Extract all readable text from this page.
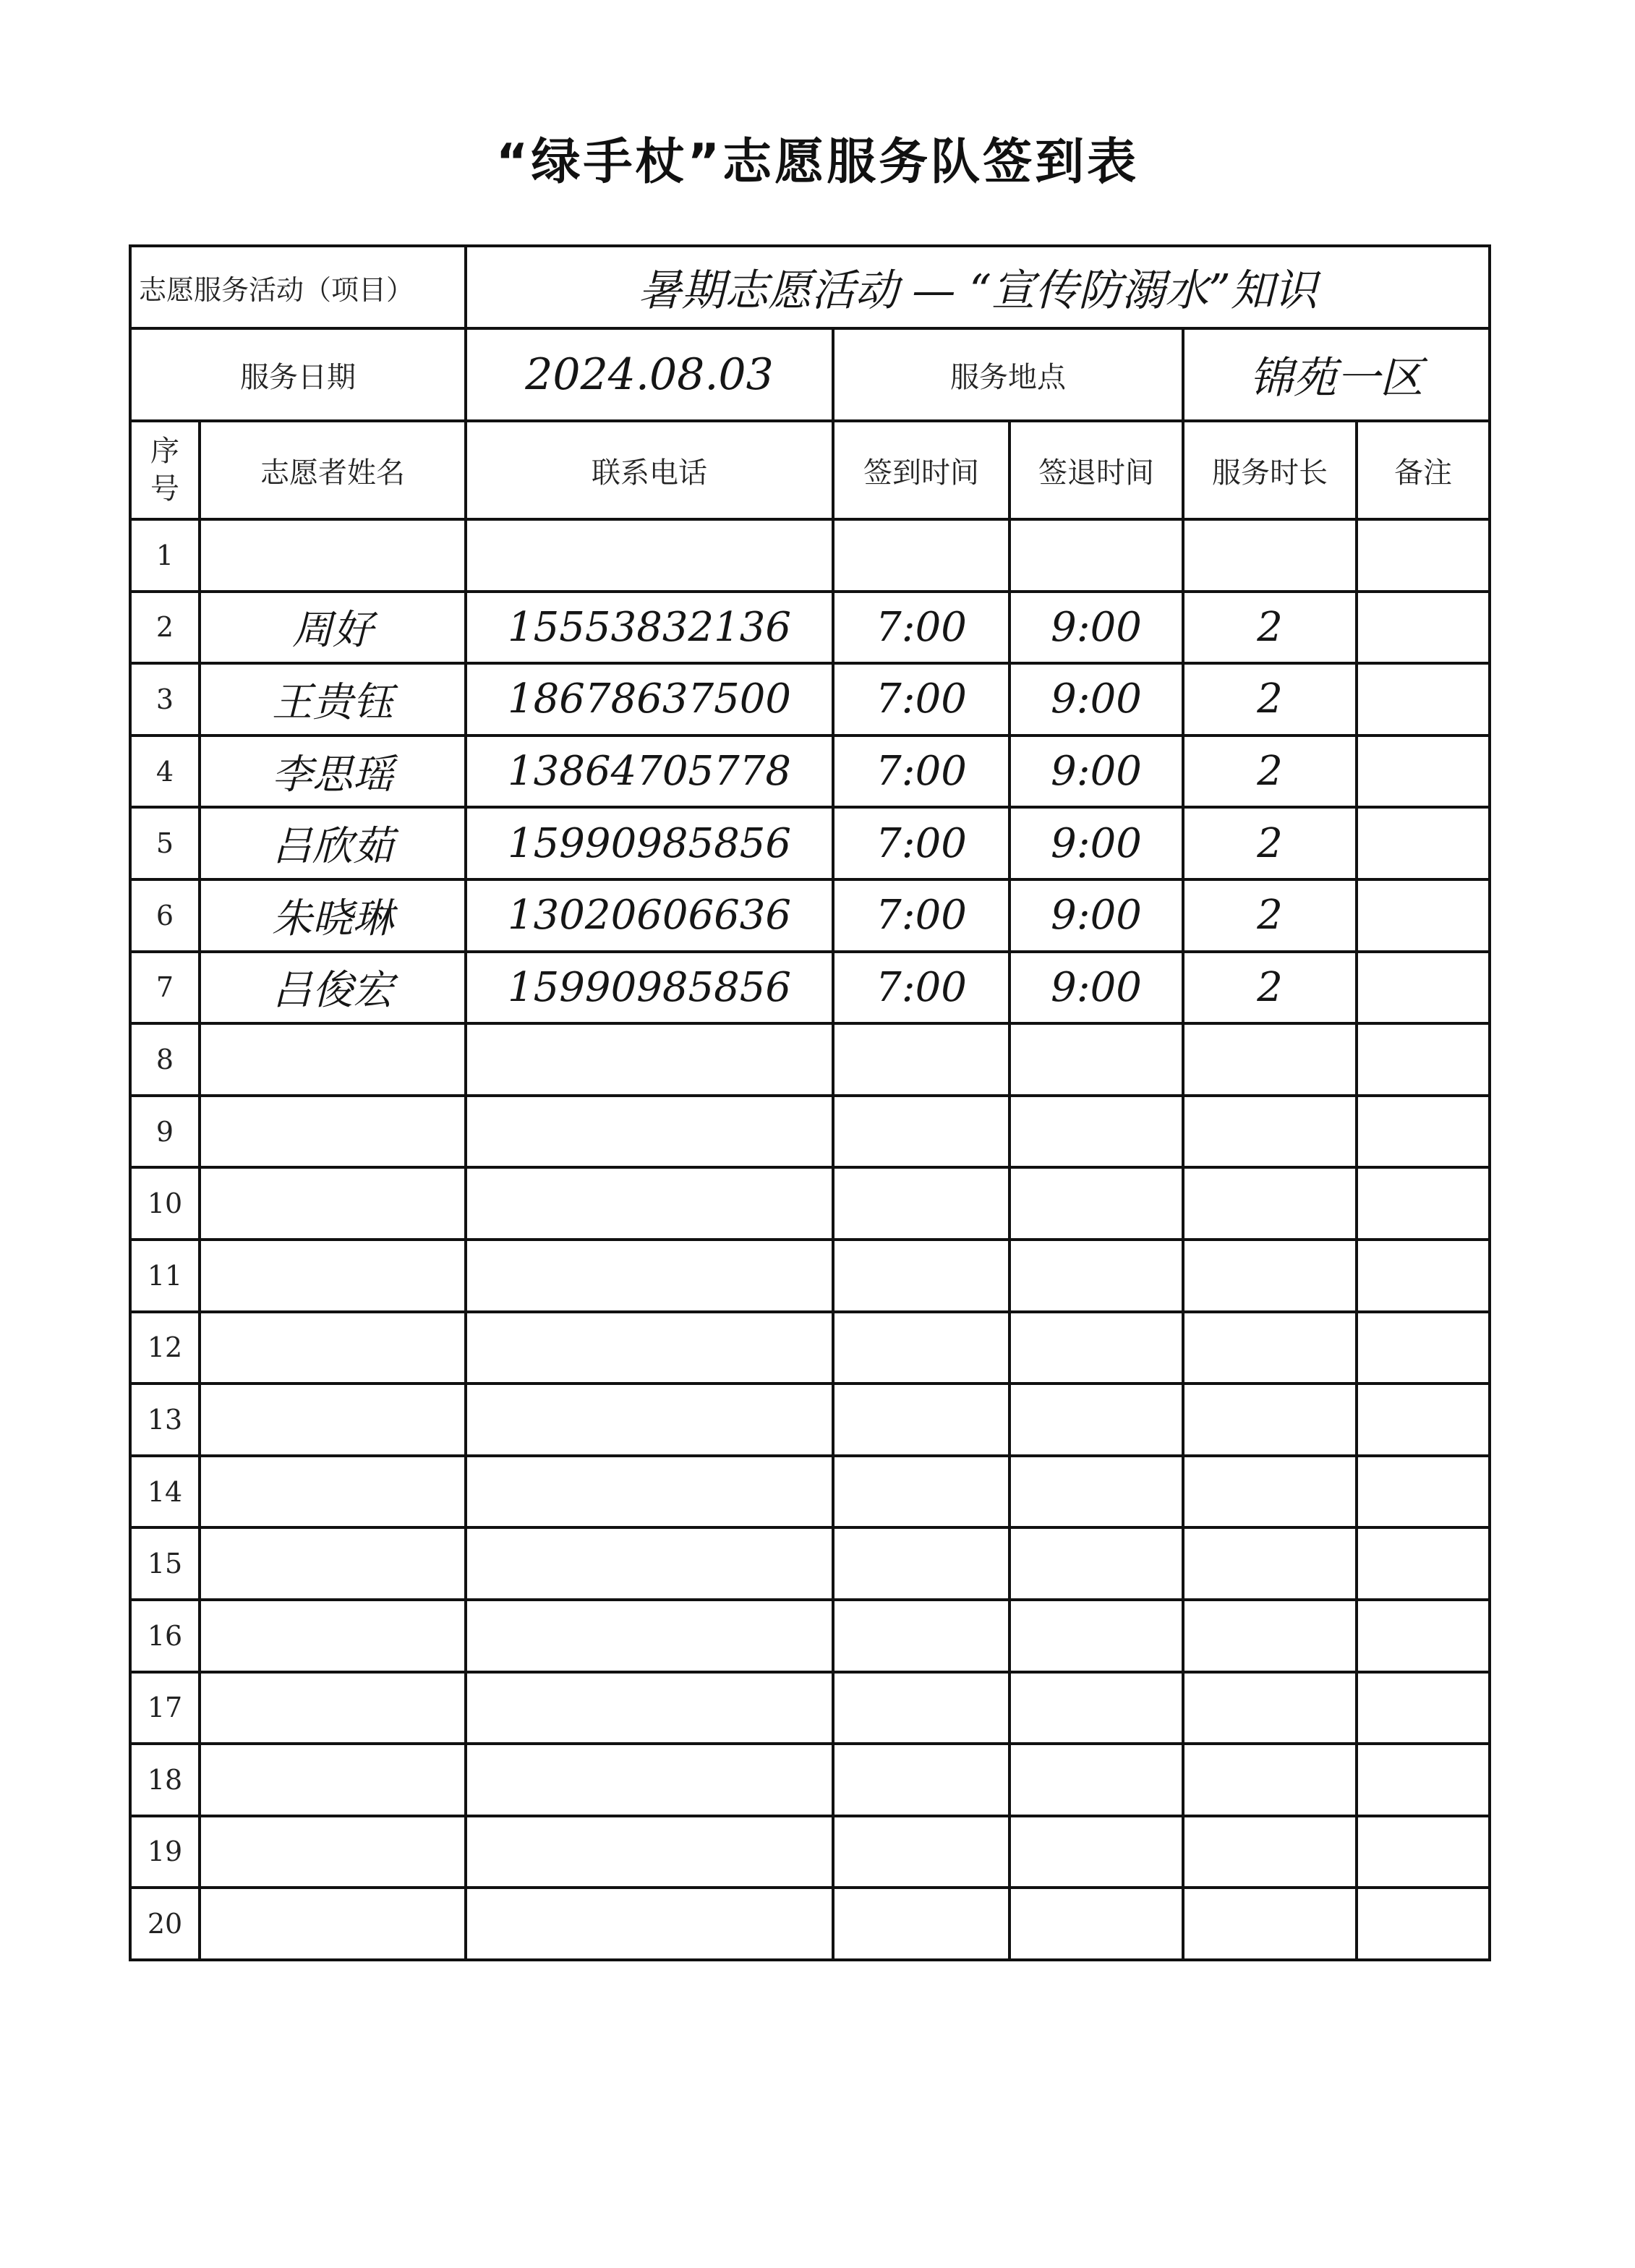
“绿手杖”志愿服务队签到表
志愿服务活动（项目）		暑期志愿活动 — “宣传防溺水”知识				
服务日期		2024.08.03	服务地点		锦苑一区	

序
号	志愿者姓名	联系电话	签到时间	签退时间	服务时长	备注
1						
2	周好	15553832136	7:00	9:00	2	
3	王贵钰	18678637500	7:00	9:00	2	
4	李思瑶	13864705778	7:00	9:00	2	
5	吕欣茹	15990985856	7:00	9:00	2	
6	朱晓琳	13020606636	7:00	9:00	2	
7	吕俊宏	15990985856	7:00	9:00	2	
8						
9						
10						
11						
12						
13						
14						
15						
16						
17						
18						
19						
20						
